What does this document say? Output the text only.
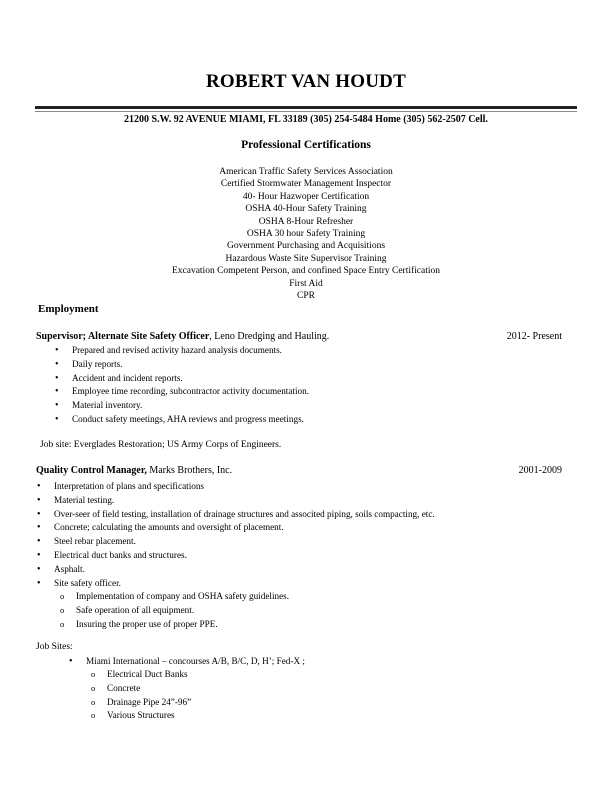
ROBERT VAN HOUDT
21200 S.W. 92 AVENUE MIAMI, FL 33189 (305) 254-5484 Home (305) 562-2507 Cell.
Professional Certifications
American Traffic Safety Services Association
Certified Stormwater Management Inspector
40- Hour Hazwoper Certification
OSHA 40-Hour Safety Training
OSHA 8-Hour Refresher
OSHA 30 hour Safety Training
Government Purchasing and Acquisitions
Hazardous Waste Site Supervisor Training
Excavation Competent Person, and confined Space Entry Certification
First Aid
CPR
Employment
Supervisor; Alternate Site Safety Officer, Leno Dredging and Hauling.	2012- Present
• Prepared and revised activity hazard analysis documents.
• Daily reports.
• Accident and incident reports.
• Employee time recording, subcontractor activity documentation.
• Material inventory.
• Conduct safety meetings, AHA reviews and progress meetings.
Job site: Everglades Restoration; US Army Corps of Engineers.
Quality Control Manager, Marks Brothers, Inc.	2001-2009
• Interpretation of plans and specifications
• Material testing.
• Over-seer of field testing, installation of drainage structures and associted piping, soils compacting, etc.
• Concrete; calculating the amounts and oversight of placement.
• Steel rebar placement.
• Electrical duct banks and structures.
• Asphalt.
• Site safety officer.
o Implementation of company and OSHA safety guidelines.
o Safe operation of all equipment.
o Insuring the proper use of proper PPE.
Job Sites:
• Miami International – concourses A/B, B/C, D, H’; Fed-X ;
o Electrical Duct Banks
o Concrete
o Drainage Pipe 24”-96”
o Various Structures
